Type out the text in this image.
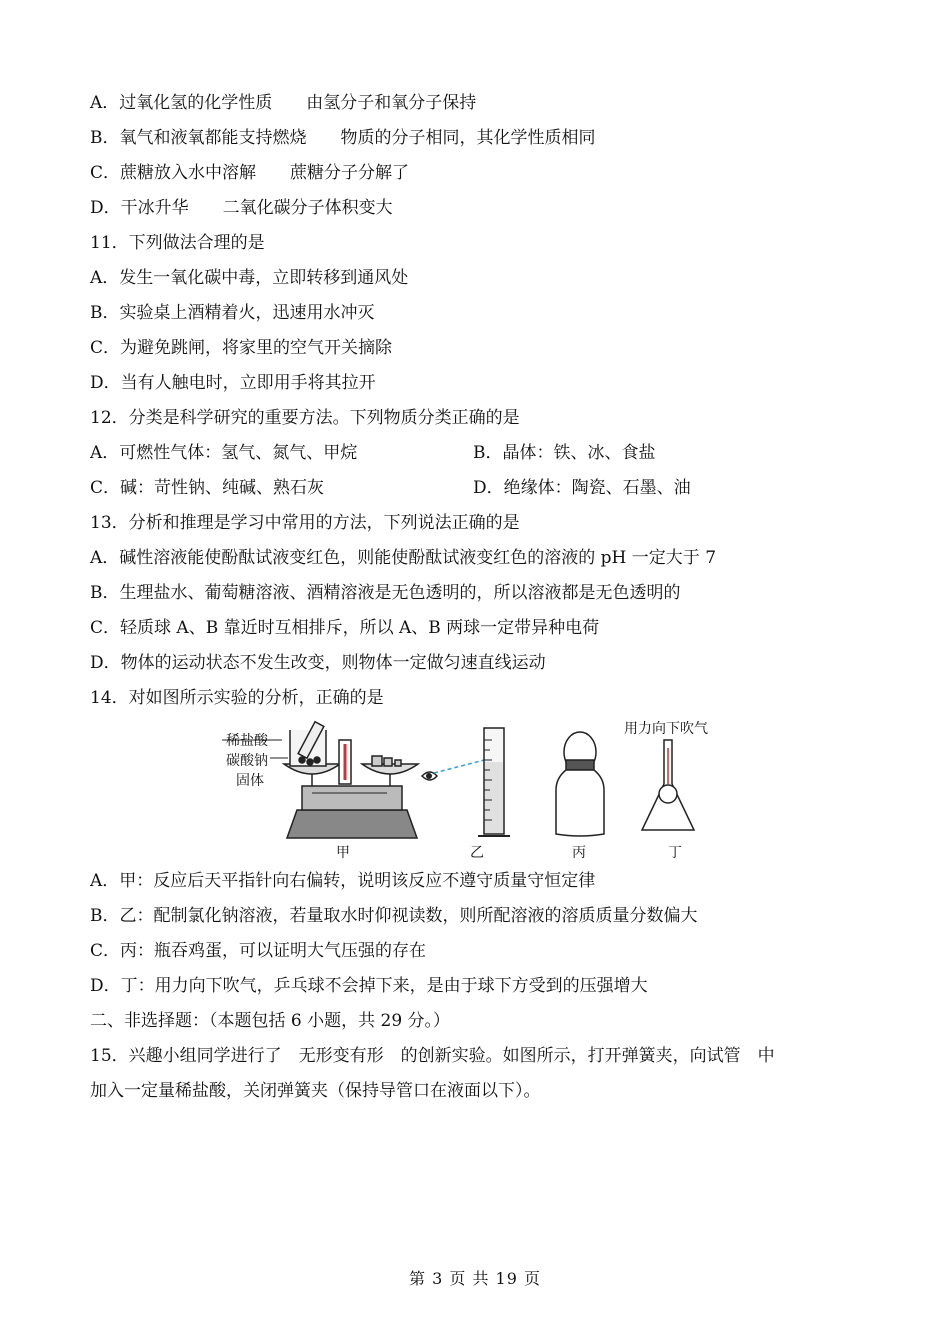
A．过氧化氢的化学性质　　由氢分子和氧分子保持
B．氧气和液氧都能支持燃烧　　物质的分子相同，其化学性质相同
C．蔗糖放入水中溶解　　蔗糖分子分解了
D．干冰升华　　二氧化碳分子体积变大
11．下列做法合理的是
A．发生一氧化碳中毒，立即转移到通风处
B．实验桌上酒精着火，迅速用水冲灭
C．为避免跳闸，将家里的空气开关摘除
D．当有人触电时，立即用手将其拉开
12．分类是科学研究的重要方法。下列物质分类正确的是
A．可燃性气体：氢气、氮气、甲烷	B．晶体：铁、冰、食盐
C．碱：苛性钠、纯碱、熟石灰	D．绝缘体：陶瓷、石墨、油
13．分析和推理是学习中常用的方法，下列说法正确的是
A．碱性溶液能使酚酞试液变红色，则能使酚酞试液变红色的溶液的 pH 一定大于 7
B．生理盐水、葡萄糖溶液、酒精溶液是无色透明的，所以溶液都是无色透明的
C．轻质球 A、B 靠近时互相排斥，所以 A、B 两球一定带异种电荷
D．物体的运动状态不发生改变，则物体一定做匀速直线运动
14．对如图所示实验的分析，正确的是
稀盐酸
碳酸钠
固体
用力向下吹气
甲	乙	丙	丁
A．甲：反应后天平指针向右偏转，说明该反应不遵守质量守恒定律
B．乙：配制氯化钠溶液，若量取水时仰视读数，则所配溶液的溶质质量分数偏大
C．丙：瓶吞鸡蛋，可以证明大气压强的存在
D．丁：用力向下吹气，乒乓球不会掉下来，是由于球下方受到的压强增大
二、非选择题：（本题包括 6 小题，共 29 分。）
15．兴趣小组同学进行了　无形变有形　的创新实验。如图所示，打开弹簧夹，向试管　中
加入一定量稀盐酸，关闭弹簧夹（保持导管口在液面以下）。
第 3 页 共 19 页
